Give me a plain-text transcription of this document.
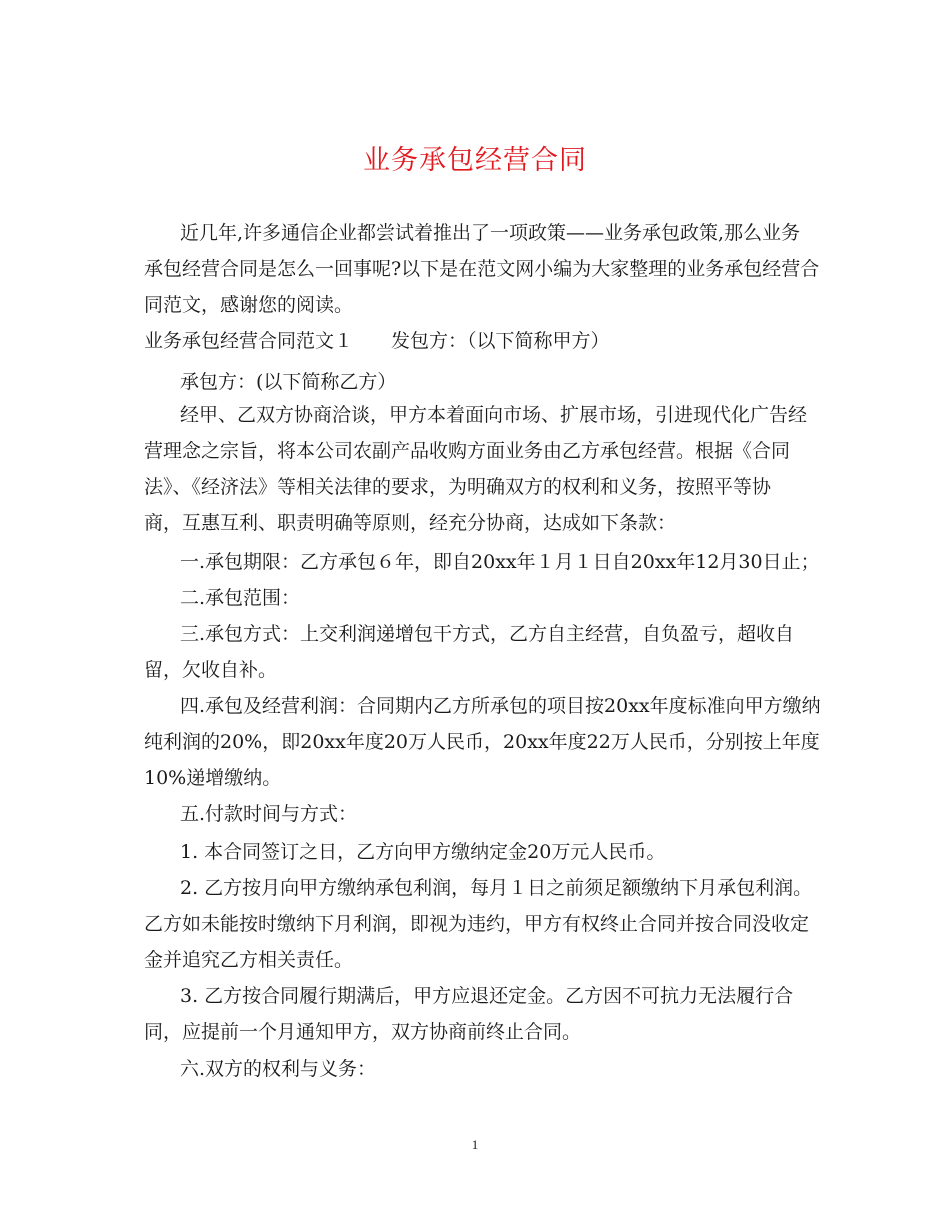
业务承包经营合同
近几年,许多通信企业都尝试着推出了一项政策——业务承包政策,那么业务
承包经营合同是怎么一回事呢?以下是在范文网小编为大家整理的业务承包经营合
同范文，感谢您的阅读。
业务承包经营合同范文１ 发包方：（以下简称甲方）
承包方：(以下简称乙方）
经甲、乙双方协商洽谈，甲方本着面向市场、扩展市场，引进现代化广告经
营理念之宗旨，将本公司农副产品收购方面业务由乙方承包经营。根据《合同
法》、《经济法》等相关法律的要求，为明确双方的权利和义务，按照平等协
商，互惠互利、职责明确等原则，经充分协商，达成如下条款：
一.承包期限：乙方承包６年，即自20xx年１月１日自20xx年12月30日止；
二.承包范围：
三.承包方式：上交利润递增包干方式，乙方自主经营，自负盈亏，超收自
留，欠收自补。
四.承包及经营利润：合同期内乙方所承包的项目按20xx年度标准向甲方缴纳
纯利润的20%，即20xx年度20万人民币，20xx年度22万人民币，分别按上年度
10%递增缴纳。
五.付款时间与方式：
1. 本合同签订之日，乙方向甲方缴纳定金20万元人民币。
2. 乙方按月向甲方缴纳承包利润，每月１日之前须足额缴纳下月承包利润。
乙方如未能按时缴纳下月利润，即视为违约，甲方有权终止合同并按合同没收定
金并追究乙方相关责任。
3. 乙方按合同履行期满后，甲方应退还定金。乙方因不可抗力无法履行合
同，应提前一个月通知甲方，双方协商前终止合同。
六.双方的权利与义务：
1
